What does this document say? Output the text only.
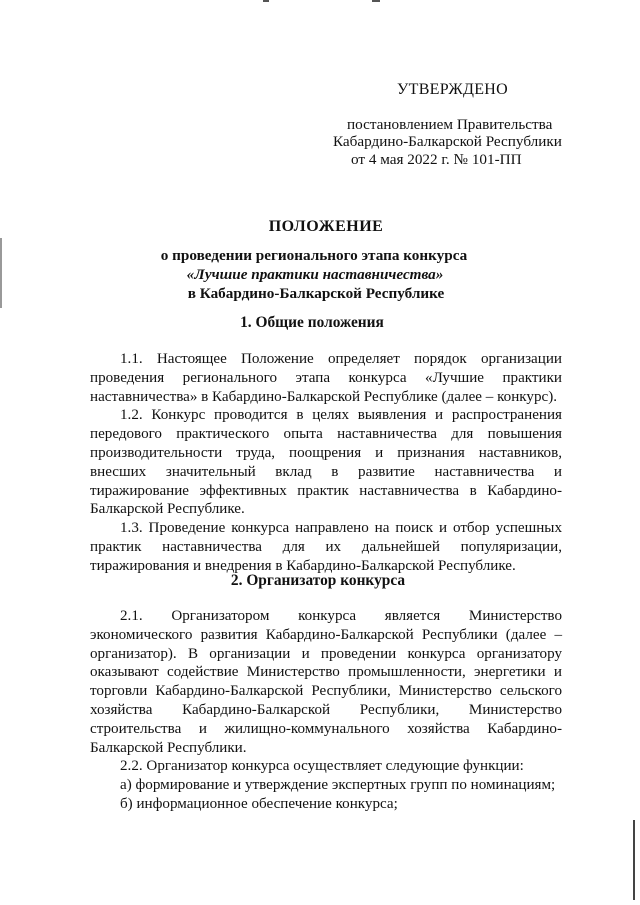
УТВЕРЖДЕНО
постановлением Правительства
Кабардино-Балкарской Республики
от 4 мая 2022 г. № 101-ПП
ПОЛОЖЕНИЕ
о проведении регионального этапа конкурса
«Лучшие практики наставничества»
в Кабардино-Балкарской Республике
1. Общие положения

1.1. Настоящее Положение определяет порядок организации проведения регионального этапа конкурса «Лучшие практики наставничества» в Кабардино-Балкарской Республике (далее – конкурс).

1.2. Конкурс проводится в целях выявления и распространения передового практического опыта наставничества для повышения производительности труда, поощрения и признания наставников, внесших значительный вклад в развитие наставничества и тиражирование эффективных практик наставничества в Кабардино-Балкарской Республике.

1.3. Проведение конкурса направлено на поиск и отбор успешных практик наставничества для их дальнейшей популяризации, тиражирования и внедрения в Кабардино-Балкарской Республике.

2. Организатор конкурса

2.1. Организатором конкурса является Министерство экономического развития Кабардино-Балкарской Республики (далее – организатор). В организации и проведении конкурса организатору оказывают содействие Министерство промышленности, энергетики и торговли Кабардино-Балкарской Республики, Министерство сельского хозяйства Кабардино-Балкарской Республики, Министерство строительства и жилищно-коммунального хозяйства Кабардино-Балкарской Республики.

2.2. Организатор конкурса осуществляет следующие функции:

а) формирование и утверждение экспертных групп по номинациям;

б) информационное обеспечение конкурса;
